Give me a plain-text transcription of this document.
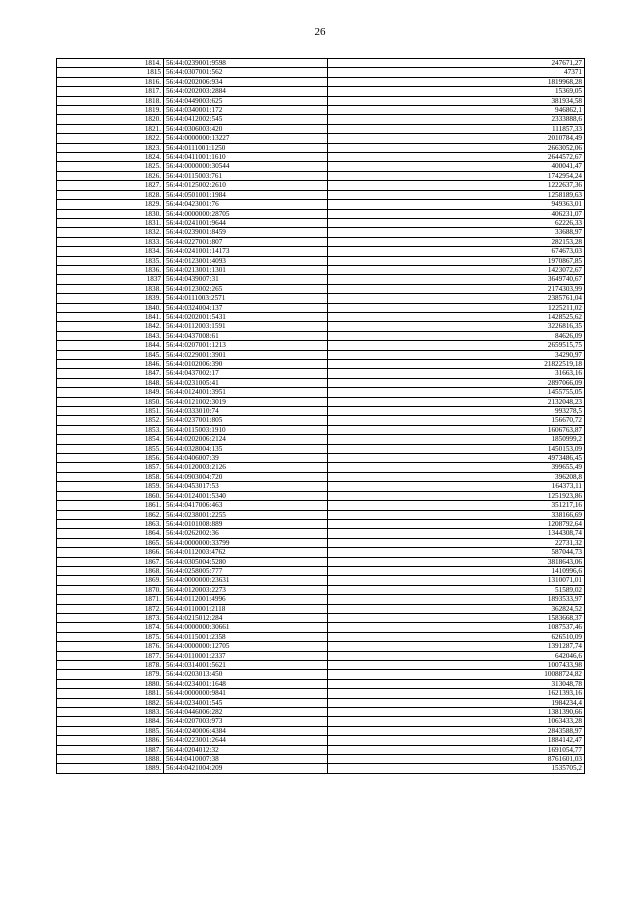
26
1814.	56:44:0239001:9598	247671,27
1815	56:44:0307001:562	47371
1816.	56:44:0202006:934	1819968,28
1817.	56:44:0202003:2884	15369,05
1818.	56:44:0449003:625	381934,58
1819.	56:44:0340001:172	946862,1
1820.	56:44:0412002:545	2333888,6
1821.	56:44:0306003:420	111857,33
1822.	56:44:0000000:13227	2010784,49
1823.	56:44:0111001:1250	2663052,06
1824.	56:44:0411001:1610	2644572,67
1825.	56:44:0000000:30544	400041,47
1826.	56:44:0115003:761	1742954,24
1827.	56:44:0125002:2610	1222637,36
1828.	56:44:0501001:1984	1258189,63
1829.	56:44:0423001:76	949363,01
1830.	56:44:0000000:28705	406231,07
1831.	56:44:0241001:9644	62226,33
1832.	56:44:0239001:8459	33688,97
1833.	56:44:0227001:807	282153,28
1834.	56:44:0241001:14173	674673,03
1835.	56:44:0123001:4093	1970867,85
1836.	56:44:0213001:1301	1423072,67
1837	56:44:0439007:31	3649740,67
1838.	56:44:0123002:265	2174303,99
1839.	56:44:0111003:2571	2385761,04
1840.	56:44:0324004:137	1225211,02
1841.	56:44:0202001:5431	1428525,62
1842.	56:44:0112003:1591	3226816,35
1843.	56:44:0437008:61	84626,09
1844.	56:44:0207001:1213	2659515,75
1845.	56:44:0229001:3901	34290,97
1846.	56:44:0102006:390	21822519,18
1847.	56:44:0437002:17	31663,16
1848.	56:44:0231005:41	2897066,09
1849.	56:44:0124001:3951	1455755,05
1850.	56:44:0121002:3019	2132048,23
1851.	56:44:0333010:74	993278,5
1852.	56:44:0237001:805	156670,72
1853.	56:44:0115003:1910	1606763,87
1854.	56:44:0202006:2124	1850999,2
1855.	56:44:0328004:135	1450153,09
1856.	56:44:0406007:39	4973486,45
1857.	56:44:0120003:2126	399655,49
1858.	56:44:0903004:720	396208,8
1859.	56:44:0453017:53	164373,11
1860.	56:44:0124001:5340	1251923,86
1861.	56:44:0417006:463	351217,16
1862.	56:44:0238001:2255	338166,69
1863.	56:44:0101008:889	1208792,64
1864.	56:44:0262002:36	1344308,74
1865.	56:44:0000000:33799	22731,32
1866.	56:44:0112003:4762	587044,73
1867.	56:44:0305004:5280	3818643,06
1868.	56:44:0258005:777	1410996,6
1869.	56:44:0000000:23631	1310071,01
1870.	56:44:0120003:2273	51589,02
1871.	56:44:0112001:4996	1893533,97
1872.	56:44:0110001:2118	362824,52
1873.	56:44:0215012:284	1583668,37
1874.	56:44:0000000:30661	1087537,46
1875.	56:44:0115001:2358	626510,09
1876.	56:44:0000000:12705	1391287,74
1877.	56:44:0110001:2337	642046,6
1878.	56:44:0314001:5621	1007433,98
1879.	56:44:0203013:450	10088724,82
1880.	56:44:0234001:1648	313048,78
1881.	56:44:0000000:9841	1621393,16
1882.	56:44:0234001:545	1984234,4
1883.	56:44:0446006:282	1381390,66
1884.	56:44:0207003:973	1063433,28
1885.	56:44:0240006:4384	2843588,97
1886.	56:44:0223001:2644	1884142,47
1887.	56:44:0204012:32	1691054,77
1888.	56:44:0410007:38	8761601,03
1889.	56:44:0421004:209	1535705,2
